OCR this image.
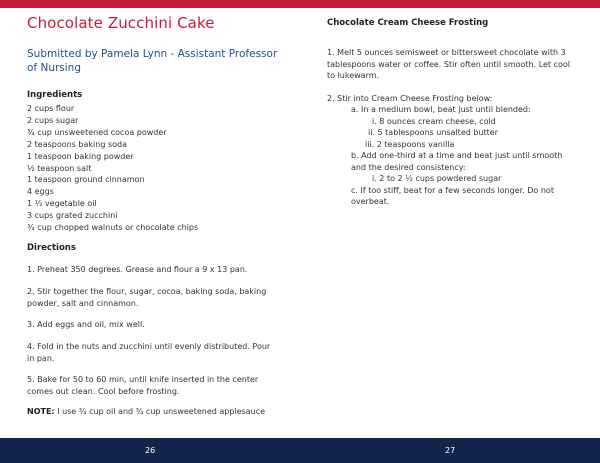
Chocolate Zucchini Cake
Submitted by Pamela Lynn - Assistant Professor of Nursing
Ingredients
2 cups flour
2 cups sugar
¾ cup unsweetened cocoa powder
2 teaspoons baking soda
1 teaspoon baking powder
½ teaspoon salt
1 teaspoon ground cinnamon
4 eggs
1 ½ vegetable oil
3 cups grated zucchini
¾ cup chopped walnuts or chocolate chips
Directions
1. Preheat 350 degrees. Grease and flour a 9 x 13 pan.
2. Stir together the flour, sugar, cocoa, baking soda, baking powder, salt and cinnamon.
3. Add eggs and oil, mix well.
4. Fold in the nuts and zucchini until evenly distributed. Pour in pan.
5. Bake for 50 to 60 min, until knife inserted in the center comes out clean. Cool before frosting.
NOTE: I use ¾ cup oil and ¾ cup unsweetened applesauce
Chocolate Cream Cheese Frosting
1. Melt 5 ounces semisweet or bittersweet chocolate with 3 tablespoons water or coffee. Stir often until smooth. Let cool to lukewarm.
2. Stir into Cream Cheese Frosting below:
a. In a medium bowl, beat just until blended:
i. 8 ounces cream cheese, cold
ii. 5 tablespoons unsalted butter
iii. 2 teaspoons vanilla
b. Add one-third at a time and beat just until smooth and the desired consistency:
i. 2 to 2 ½ cups powdered sugar
c. If too stiff, beat for a few seconds longer. Do not overbeat.
26	27
